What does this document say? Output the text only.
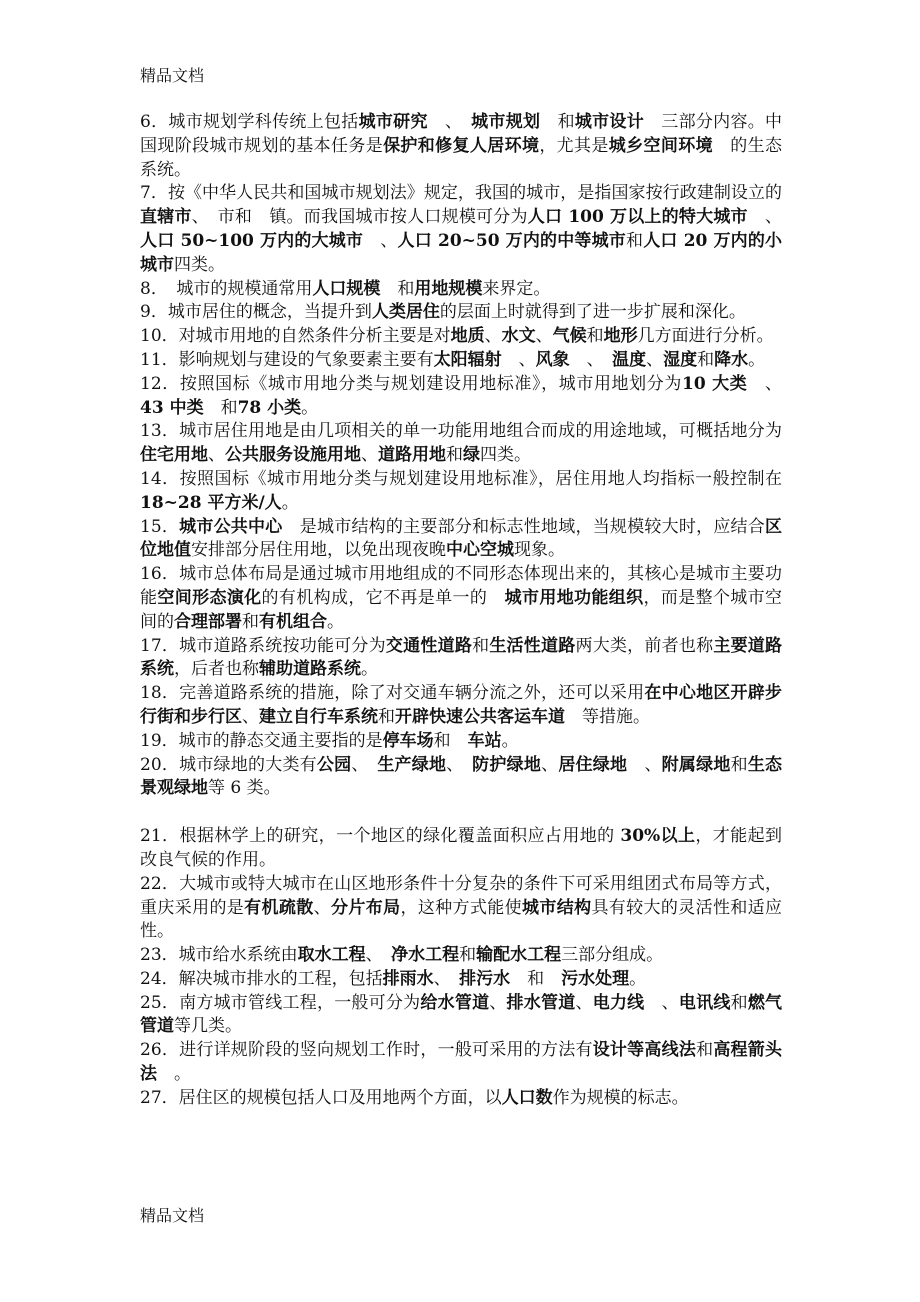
精品文档

6．城市规划学科传统上包括城市研究　、　城市规划　和城市设计　三部分内容。中国现阶段城市规划的基本任务是保护和修复人居环境，尤其是城乡空间环境　的生态系统。

7．按《中华人民共和国城市规划法》规定，我国的城市，是指国家按行政建制设立的直辖市、　市和　镇。而我国城市按人口规模可分为人口 100 万以上的特大城市　、人口 50~100 万内的大城市　、人口 20~50 万内的中等城市和人口 20 万内的小城市四类。

8．　城市的规模通常用人口规模　和用地规模来界定。

9．城市居住的概念，当提升到人类居住的层面上时就得到了进一步扩展和深化。

10．对城市用地的自然条件分析主要是对地质、水文、气候和地形几方面进行分析。

11．影响规划与建设的气象要素主要有太阳辐射　、风象　、　温度、湿度和降水。

12．按照国标《城市用地分类与规划建设用地标准》，城市用地划分为10 大类　、43 中类　和78 小类。

13．城市居住用地是由几项相关的单一功能用地组合而成的用途地域，可概括地分为住宅用地、公共服务设施用地、道路用地和绿四类。

14．按照国标《城市用地分类与规划建设用地标准》，居住用地人均指标一般控制在 18~28 平方米/人。

15．城市公共中心　是城市结构的主要部分和标志性地域，当规模较大时，应结合区位地值安排部分居住用地，以免出现夜晚中心空城现象。

16．城市总体布局是通过城市用地组成的不同形态体现出来的，其核心是城市主要功能空间形态演化的有机构成，它不再是单一的　城市用地功能组织，而是整个城市空间的合理部署和有机组合。

17．城市道路系统按功能可分为交通性道路和生活性道路两大类，前者也称主要道路系统，后者也称辅助道路系统。

18．完善道路系统的措施，除了对交通车辆分流之外，还可以采用在中心地区开辟步行街和步行区、建立自行车系统和开辟快速公共客运车道　等措施。

19．城市的静态交通主要指的是停车场和　车站。

20．城市绿地的大类有公园、　生产绿地、　防护绿地、居住绿地　、附属绿地和生态景观绿地等 6 类。

21．根据林学上的研究，一个地区的绿化覆盖面积应占用地的 30%以上，才能起到改良气候的作用。

22．大城市或特大城市在山区地形条件十分复杂的条件下可采用组团式布局等方式，重庆采用的是有机疏散、分片布局，这种方式能使城市结构具有较大的灵活性和适应性。

23．城市给水系统由取水工程、　净水工程和输配水工程三部分组成。

24．解决城市排水的工程，包括排雨水、　排污水　和　污水处理。

25．南方城市管线工程，一般可分为给水管道、排水管道、电力线　、电讯线和燃气管道等几类。

26．进行详规阶段的竖向规划工作时，一般可采用的方法有设计等高线法和高程箭头法　。

27．居住区的规模包括人口及用地两个方面，以人口数作为规模的标志。

精品文档
